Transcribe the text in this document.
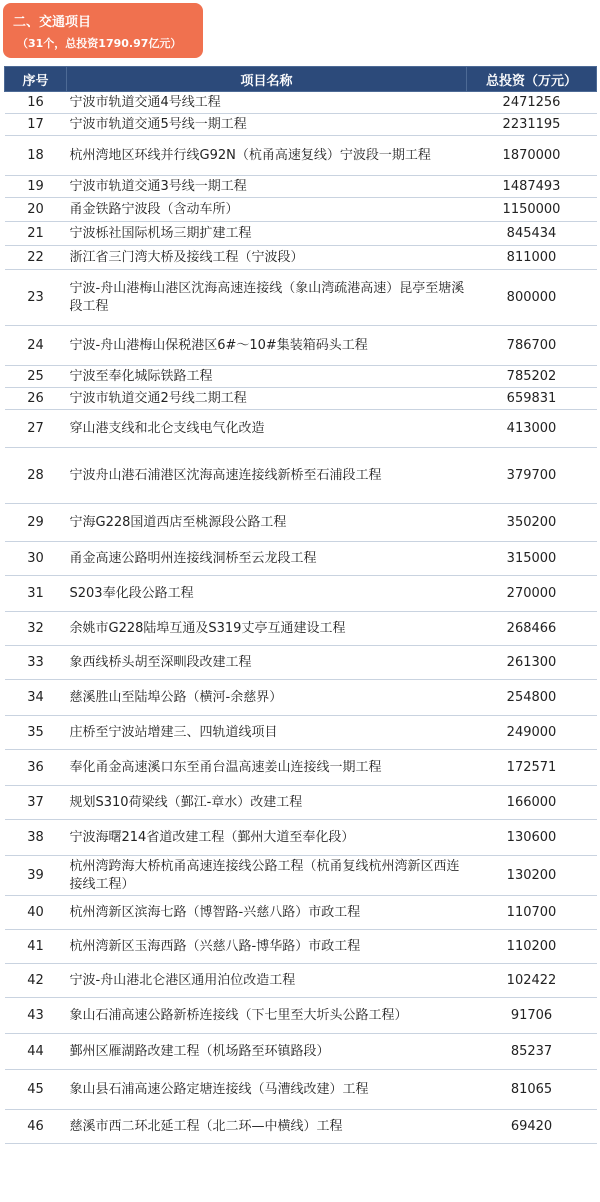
二、交通项目
（31个，总投资1790.97亿元）
序号	项目名称	总投资（万元）
16	宁波市轨道交通4号线工程	2471256
17	宁波市轨道交通5号线一期工程	2231195
18	杭州湾地区环线并行线G92N（杭甬高速复线）宁波段一期工程	1870000
19	宁波市轨道交通3号线一期工程	1487493
20	甬金铁路宁波段（含动车所）	1150000
21	宁波栎社国际机场三期扩建工程	845434
22	浙江省三门湾大桥及接线工程（宁波段）	811000
23	宁波-舟山港梅山港区沈海高速连接线（象山湾疏港高速）昆亭至塘溪段工程	800000
24	宁波-舟山港梅山保税港区6#～10#集装箱码头工程	786700
25	宁波至奉化城际铁路工程	785202
26	宁波市轨道交通2号线二期工程	659831
27	穿山港支线和北仑支线电气化改造	413000
28	宁波舟山港石浦港区沈海高速连接线新桥至石浦段工程	379700
29	宁海G228国道西店至桃源段公路工程	350200
30	甬金高速公路明州连接线洞桥至云龙段工程	315000
31	S203奉化段公路工程	270000
32	余姚市G228陆埠互通及S319丈亭互通建设工程	268466
33	象西线桥头胡至深甽段改建工程	261300
34	慈溪胜山至陆埠公路（横河-余慈界）	254800
35	庄桥至宁波站增建三、四轨道线项目	249000
36	奉化甬金高速溪口东至甬台温高速姜山连接线一期工程	172571
37	规划S310荷梁线（鄞江-章水）改建工程	166000
38	宁波海曙214省道改建工程（鄞州大道至奉化段）	130600
39	杭州湾跨海大桥杭甬高速连接线公路工程（杭甬复线杭州湾新区西连接线工程）	130200
40	杭州湾新区滨海七路（博智路-兴慈八路）市政工程	110700
41	杭州湾新区玉海西路（兴慈八路-博华路）市政工程	110200
42	宁波-舟山港北仑港区通用泊位改造工程	102422
43	象山石浦高速公路新桥连接线（下七里至大圻头公路工程）	91706
44	鄞州区雁湖路改建工程（机场路至环镇路段）	85237
45	象山县石浦高速公路定塘连接线（马漕线改建）工程	81065
46	慈溪市西二环北延工程（北二环—中横线）工程	69420
